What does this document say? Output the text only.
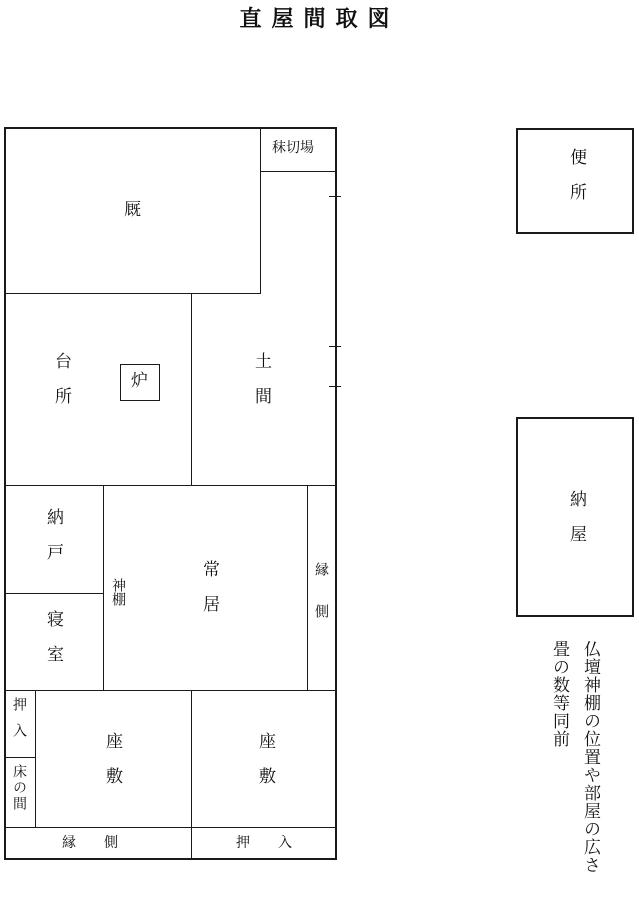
直屋間取図
厩
秣切場
台所	炉	土間
納戸
寝室
神棚	常居	縁側
押入
床の間	座敷	座敷
縁　　側	押　　入
便所
納屋
仏壇神棚の位置や部屋の広さ
畳の数等同前
